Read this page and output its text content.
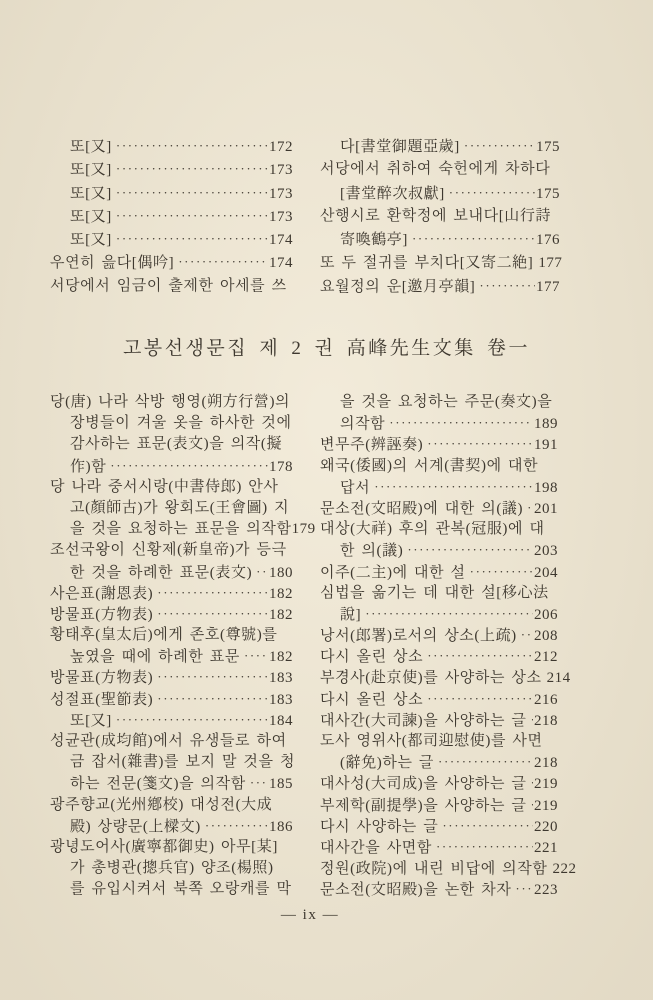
또[又] ·····	172
또[又] ·····	173
또[又] ·····	173
또[又] ·····	173
또[又] ·····	174
우연히 읊다[偶吟] ·····	174
서당에서 임금이 출제한 아세를 쓰
다[書堂御題亞歲] ·····	175
서당에서 취하여 숙헌에게 차하다
[書堂醉次叔獻] ·····	175
산행시로 환학정에 보내다[山行詩
寄喚鶴亭] ·····	176
또 두 절귀를 부치다[又寄二絶] 177
요월정의 운[邀月亭韻] ·····	177
고봉선생문집 제 2 권 高峰先生文集 卷一
당(唐) 나라 삭방 행영(朔方行營)의
장병들이 겨울 옷을 하사한 것에
감사하는 표문(表文)을 의작(擬
作)함 ·····	178
당 나라 중서시랑(中書侍郞) 안사
고(顏師古)가 왕회도(王會圖) 지
을 것을 요청하는 표문을 의작함 179
조선국왕이 신황제(新皇帝)가 등극
한 것을 하례한 표문(表文) ····· 180
사은표(謝恩表) ·····	182
방물표(方物表) ·····	182
황태후(皇太后)에게 존호(尊號)를
높였을 때에 하례한 표문 ····· 182
방물표(方物表) ·····	183
성절표(聖節表) ·····	183
또[又] ·····	184
성균관(成均館)에서 유생들로 하여
금 잡서(雜書)를 보지 말 것을 청
하는 전문(箋文)을 의작함 ····· 185
광주향교(光州鄕校) 대성전(大成
殿) 상량문(上樑文) ·····	186
광녕도어사(廣寧都御史) 아무[某]
가 총병관(摠兵官) 양조(楊照)
를 유입시켜서 북쪽 오랑캐를 막
을 것을 요청하는 주문(奏文)을
의작함 ·····	189
변무주(辨誣奏) ·····	191
왜국(倭國)의 서계(書契)에 대한
답서 ·····	198
문소전(文昭殿)에 대한 의(議) ····· 201
대상(大祥) 후의 관복(冠服)에 대
한 의(議) ·····	203
이주(二主)에 대한 설 ·····	204
심법을 옮기는 데 대한 설[移心法
說] ·····	206
낭서(郎署)로서의 상소(上疏) ····· 208
다시 올린 상소 ·····	212
부경사(赴京使)를 사양하는 상소 214
다시 올린 상소 ·····	216
대사간(大司諫)을 사양하는 글 ····· 218
도사 영위사(都司迎慰使)를 사면
(辭免)하는 글 ·····	218
대사성(大司成)을 사양하는 글 ····· 219
부제학(副提學)을 사양하는 글 ····· 219
다시 사양하는 글 ·····	220
대사간을 사면함 ·····	221
정원(政院)에 내린 비답에 의작함 222
문소전(文昭殿)을 논한 차자 ····· 223
— ix —
